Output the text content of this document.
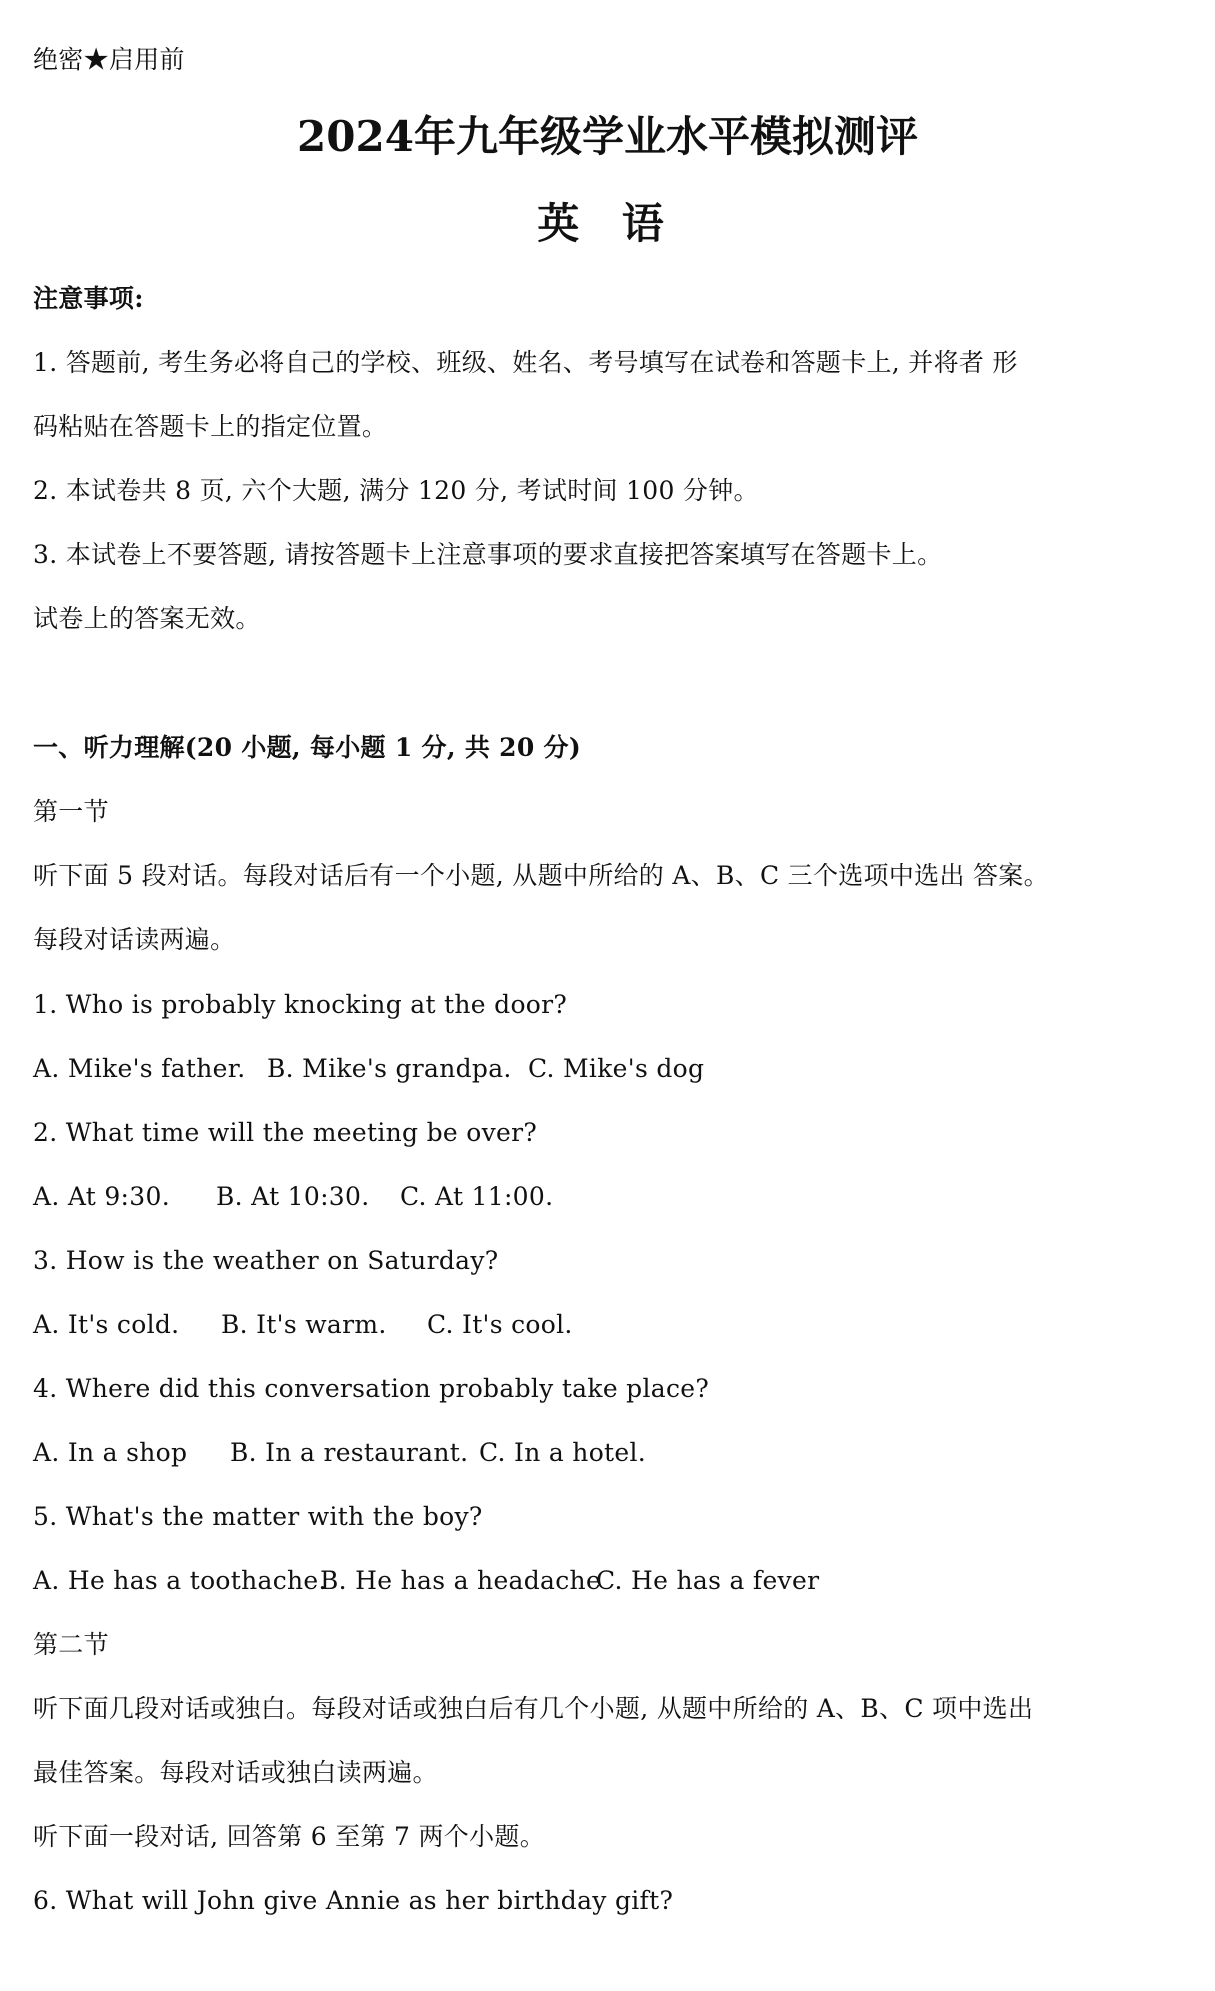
绝密★启用前
2024年九年级学业水平模拟测评
英 语
注意事项:
1. 答题前, 考生务必将自己的学校、班级、姓名、考号填写在试卷和答题卡上, 并将者 形
码粘贴在答题卡上的指定位置。
2. 本试卷共 8 页, 六个大题, 满分 120 分, 考试时间 100 分钟。
3. 本试卷上不要答题, 请按答题卡上注意事项的要求直接把答案填写在答题卡上。
试卷上的答案无效。
一、听力理解(20 小题, 每小题 1 分, 共 20 分)
第一节
听下面 5 段对话。每段对话后有一个小题, 从题中所给的 A、B、C 三个选项中选出 答案。
每段对话读两遍。
1. Who is probably knocking at the door?
A. Mike's father. B. Mike's grandpa. C. Mike's dog
2. What time will the meeting be over?
A. At 9:30. B. At 10:30. C. At 11:00.
3. How is the weather on Saturday?
A. It's cold. B. It's warm. C. It's cool.
4. Where did this conversation probably take place?
A. In a shop B. In a restaurant. C. In a hotel.
5. What's the matter with the boy?
A. He has a toothache.
B. He has a headache
C. He has a fever
第二节
听下面几段对话或独白。每段对话或独白后有几个小题, 从题中所给的 A、B、C 项中选出
最佳答案。每段对话或独白读两遍。
听下面一段对话, 回答第 6 至第 7 两个小题。
6. What will John give Annie as her birthday gift?
